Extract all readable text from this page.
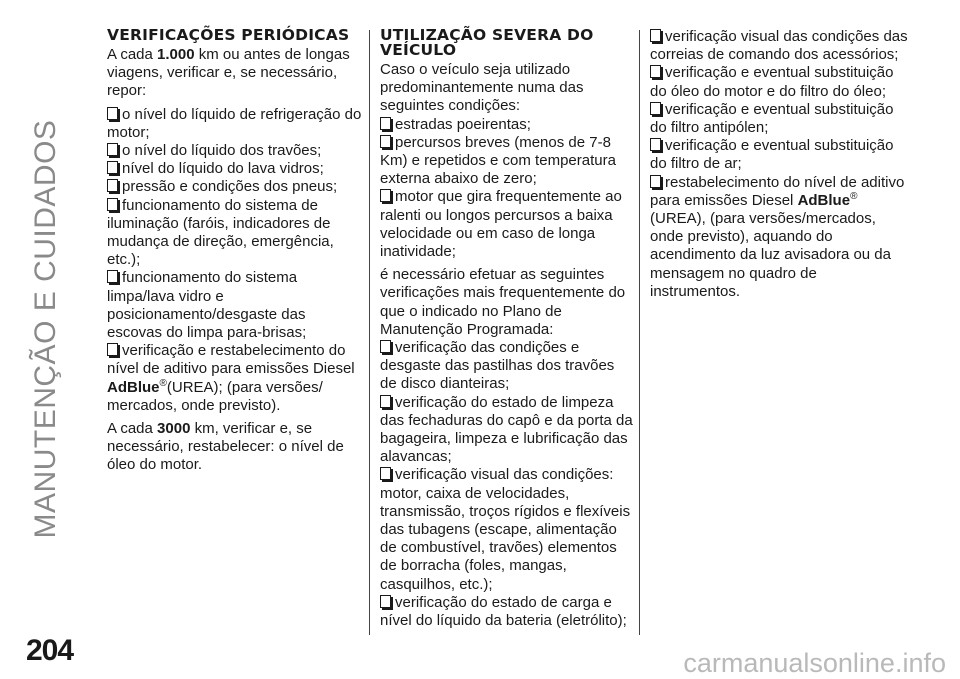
MANUTENÇÃO E CUIDADOS
204	carmanualsonline.info
VERIFICAÇÕES PERIÓDICAS

A cada 1.000 km ou antes de longas viagens, verificar e, se necessário, repor:

o nível do líquido de refrigeração do motor;
o nível do líquido dos travões;
nível do líquido do lava vidros;
pressão e condições dos pneus;
funcionamento do sistema de iluminação (faróis, indicadores de mudança de direção, emergência, etc.);
funcionamento do sistema limpa/lava vidro e posicionamento/desgaste das escovas do limpa para-brisas;

verificação e restabelecimento do nível de aditivo para emissões Diesel AdBlue®(UREA); (para versões/ mercados, onde previsto).

A cada 3000 km, verificar e, se necessário, restabelecer: o nível de óleo do motor.

UTILIZAÇÃO SEVERA DO VEÍCULO
Caso o veículo seja utilizado predominantemente numa das seguintes condições:
estradas poeirentas;
percursos breves (menos de 7-8 Km) e repetidos e com temperatura externa abaixo de zero;

motor que gira frequentemente ao ralenti ou longos percursos a baixa velocidade ou em caso de longa inatividade;

é necessário efetuar as seguintes verificações mais frequentemente do que o indicado no Plano de Manutenção Programada:
verificação das condições e desgaste das pastilhas dos travões de disco dianteiras;
verificação do estado de limpeza das fechaduras do capô e da porta da bagageira, limpeza e lubrificação das alavancas;
verificação visual das condições: motor, caixa de velocidades, transmissão, troços rígidos e flexíveis das tubagens (escape, alimentação de combustível, travões) elementos de borracha (foles, mangas, casquilhos, etc.);
verificação do estado de carga e nível do líquido da bateria (eletrólito);
verificação visual das condições das correias de comando dos acessórios;
verificação e eventual substituição do óleo do motor e do filtro do óleo;
verificação e eventual substituição do filtro antipólen;
verificação e eventual substituição do filtro de ar;
restabelecimento do nível de aditivo para emissões Diesel AdBlue®
(UREA), (para versões/mercados, onde previsto), aquando do acendimento da luz avisadora ou da mensagem no quadro de instrumentos.
